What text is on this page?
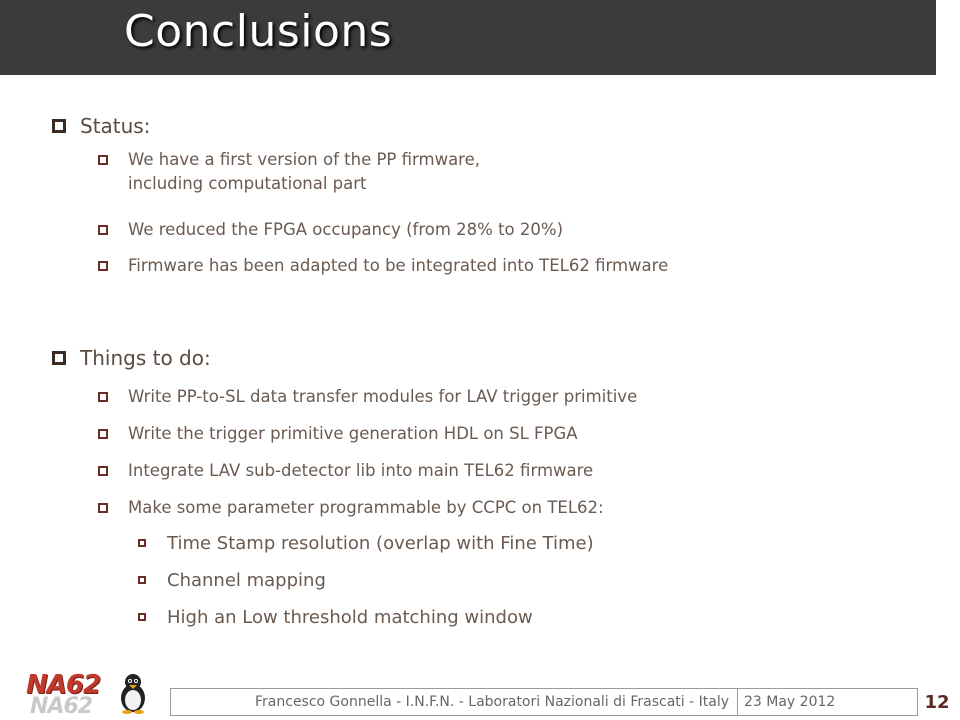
Conclusions
Status:
We have a first version of the PP firmware,
including computational part
We reduced the FPGA occupancy (from 28% to 20%)
Firmware has been adapted to be integrated into TEL62 firmware
Things to do:
Write PP-to-SL data transfer modules for LAV trigger primitive
Write the trigger primitive generation HDL on SL FPGA
Integrate LAV sub-detector lib into main TEL62 firmware
Make some parameter programmable by CCPC on TEL62:
Time Stamp resolution (overlap with Fine Time)
Channel mapping
High an Low threshold matching window
NA62
NA62
Francesco Gonnella - I.N.F.N. - Laboratori Nazionali di Frascati - Italy	23 May 2012	12
